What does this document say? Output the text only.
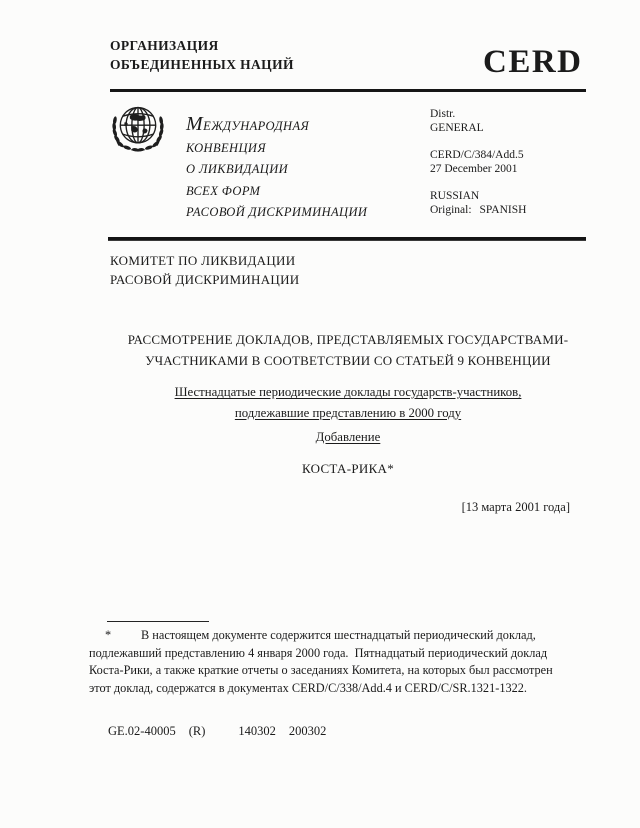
ОРГАНИЗАЦИЯ
ОБЪЕДИНЕННЫХ НАЦИЙ	CERD
МЕЖДУНАРОДНАЯ
КОНВЕНЦИЯ
О ЛИКВИДАЦИИ
ВСЕХ ФОРМ
РАСОВОЙ ДИСКРИМИНАЦИИ
Distr.
GENERAL
CERD/C/384/Add.5
27 December 2001
RUSSIAN
Original: SPANISH
КОМИТЕТ ПО ЛИКВИДАЦИИ
РАСОВОЙ ДИСКРИМИНАЦИИ
РАССМОТРЕНИЕ ДОКЛАДОВ, ПРЕДСТАВЛЯЕМЫХ ГОСУДАРСТВАМИ-
УЧАСТНИКАМИ В СООТВЕТСТВИИ СО СТАТЬЕЙ 9 КОНВЕНЦИИ
Шестнадцатые периодические доклады государств-участников,
подлежавшие представлению в 2000 году
Добавление
КОСТА-РИКА*
[13 марта 2001 года]
* В настоящем документе содержится шестнадцатый периодический доклад,
подлежавший представлению 4 января 2000 года.  Пятнадцатый периодический доклад
Коста-Рики, а также краткие отчеты о заседаниях Комитета, на которых был рассмотрен
этот доклад, содержатся в документах CERD/C/338/Add.4 и CERD/C/SR.1321-1322.
GE.02-40005 (R)	140302 200302
